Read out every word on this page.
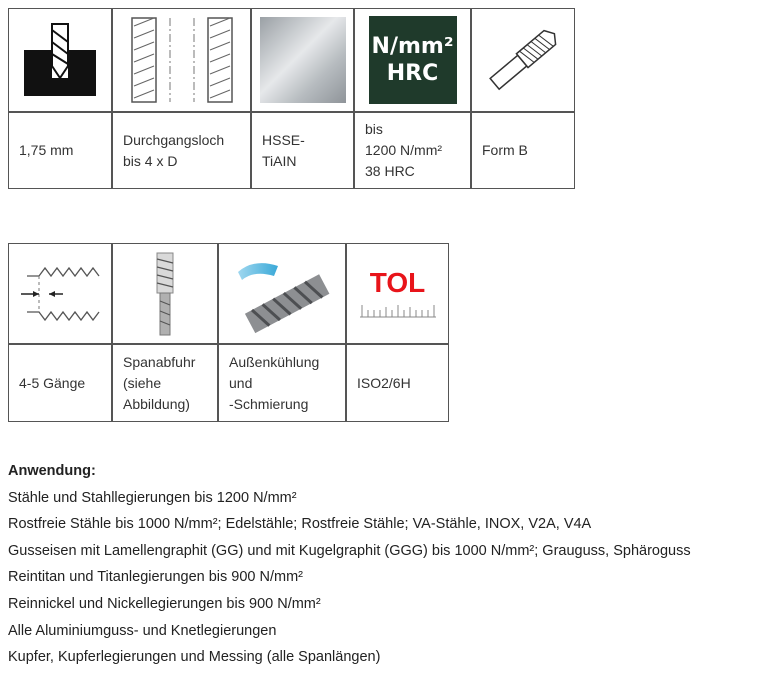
N/mm²
HRC
1,75 mm
Durchgangsloch
bis 4 x D
HSSE-
TiAIN
bis
1200 N/mm²
38 HRC
Form B
TOL
4-5 Gänge
Spanabfuhr
(siehe
Abbildung)
Außenkühlung
und
-Schmierung
ISO2/6H
Anwendung:
Stähle und Stahllegierungen bis 1200 N/mm²
Rostfreie Stähle bis 1000 N/mm²; Edelstähle; Rostfreie Stähle; VA-Stähle, INOX, V2A, V4A
Gusseisen mit Lamellengraphit (GG) und mit Kugelgraphit (GGG) bis 1000 N/mm²; Grauguss, Sphäroguss
Reintitan und Titanlegierungen bis 900 N/mm²
Reinnickel und Nickellegierungen bis 900 N/mm²
Alle Aluminiumguss- und Knetlegierungen
Kupfer, Kupferlegierungen und Messing (alle Spanlängen)
